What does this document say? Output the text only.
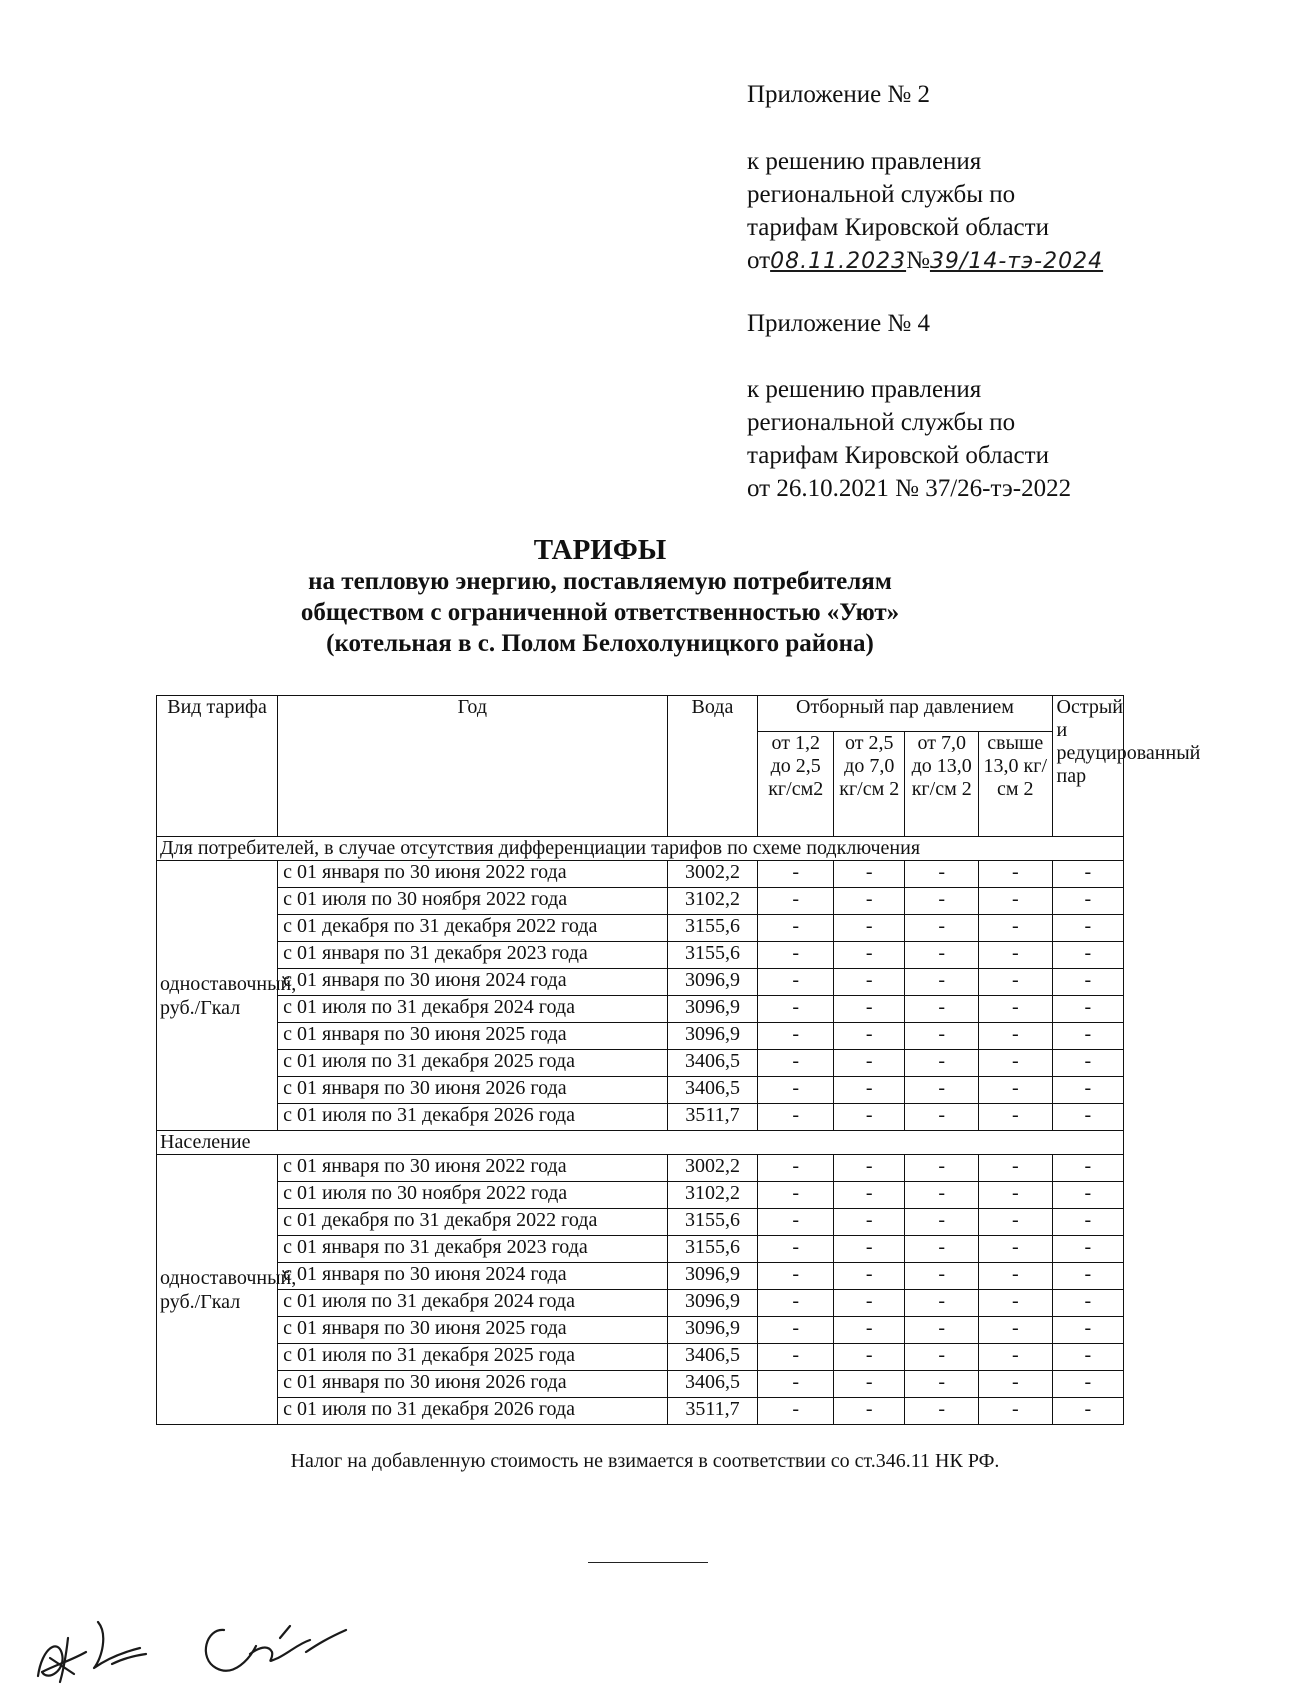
Приложение № 2

к решению правления

региональной службы по

тарифам Кировской области

от08.11.2023№39/14-тэ-2024

Приложение № 4

к решению правления

региональной службы по

тарифам Кировской области

от 26.10.2021 № 37/26-тэ-2022

ТАРИФЫ
на тепловую энергию, поставляемую потребителям
обществом с ограниченной ответственностью «Уют»
(котельная в с. Полом Белохолуницкого района)
Вид тарифа	Год	Вода	Отборный пар давлением				Острый и редуцированный пар
			от 1,2 до 2,5 кг/см2	от 2,5 до 7,0 кг/см 2	от 7,0 до 13,0 кг/см 2	свыше 13,0 кг/см 2	
Для потребителей, в случае отсутствия дифференциации тарифов по схеме подключения							
одноставочный, руб./Гкал	с 01 января по 30 июня 2022 года	3002,2	-	-	-	-	-
	с 01 июля по 30 ноября 2022 года	3102,2	-	-	-	-	-
	с 01 декабря по 31 декабря 2022 года	3155,6	-	-	-	-	-
	с 01 января по 31 декабря 2023 года	3155,6	-	-	-	-	-
	с 01 января по 30 июня 2024 года	3096,9	-	-	-	-	-
	с 01 июля по 31 декабря 2024 года	3096,9	-	-	-	-	-
	с 01 января по 30 июня 2025 года	3096,9	-	-	-	-	-
	с 01 июля по 31 декабря 2025 года	3406,5	-	-	-	-	-
	с 01 января по 30 июня 2026 года	3406,5	-	-	-	-	-
	с 01 июля по 31 декабря 2026 года	3511,7	-	-	-	-	-
Население							
одноставочный, руб./Гкал	с 01 января по 30 июня 2022 года	3002,2	-	-	-	-	-
	с 01 июля по 30 ноября 2022 года	3102,2	-	-	-	-	-
	с 01 декабря по 31 декабря 2022 года	3155,6	-	-	-	-	-
	с 01 января по 31 декабря 2023 года	3155,6	-	-	-	-	-
	с 01 января по 30 июня 2024 года	3096,9	-	-	-	-	-
	с 01 июля по 31 декабря 2024 года	3096,9	-	-	-	-	-
	с 01 января по 30 июня 2025 года	3096,9	-	-	-	-	-
	с 01 июля по 31 декабря 2025 года	3406,5	-	-	-	-	-
	с 01 января по 30 июня 2026 года	3406,5	-	-	-	-	-
	с 01 июля по 31 декабря 2026 года	3511,7	-	-	-	-	-
Налог на добавленную стоимость не взимается в соответствии со ст.346.11 НК РФ.
